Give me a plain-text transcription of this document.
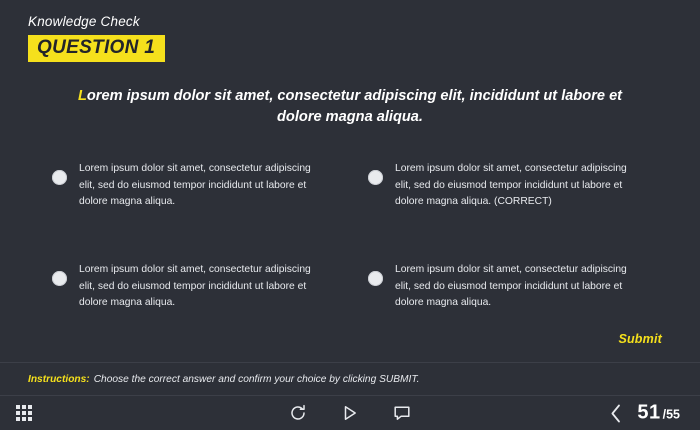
Knowledge Check
QUESTION 1

Lorem ipsum dolor sit amet, consectetur adipiscing elit, incididunt ut labore et dolore magna aliqua.

Lorem ipsum dolor sit amet, consectetur adipiscing elit, sed do eiusmod tempor incididunt ut labore et dolore magna aliqua.
Lorem ipsum dolor sit amet, consectetur adipiscing elit, sed do eiusmod tempor incididunt ut labore et dolore magna aliqua. (CORRECT)
Lorem ipsum dolor sit amet, consectetur adipiscing elit, sed do eiusmod tempor incididunt ut labore et dolore magna aliqua.
Lorem ipsum dolor sit amet, consectetur adipiscing elit, sed do eiusmod tempor incididunt ut labore et dolore magna aliqua.
Submit
Instructions: Choose the correct answer and confirm your choice by clicking SUBMIT.
51 /55
